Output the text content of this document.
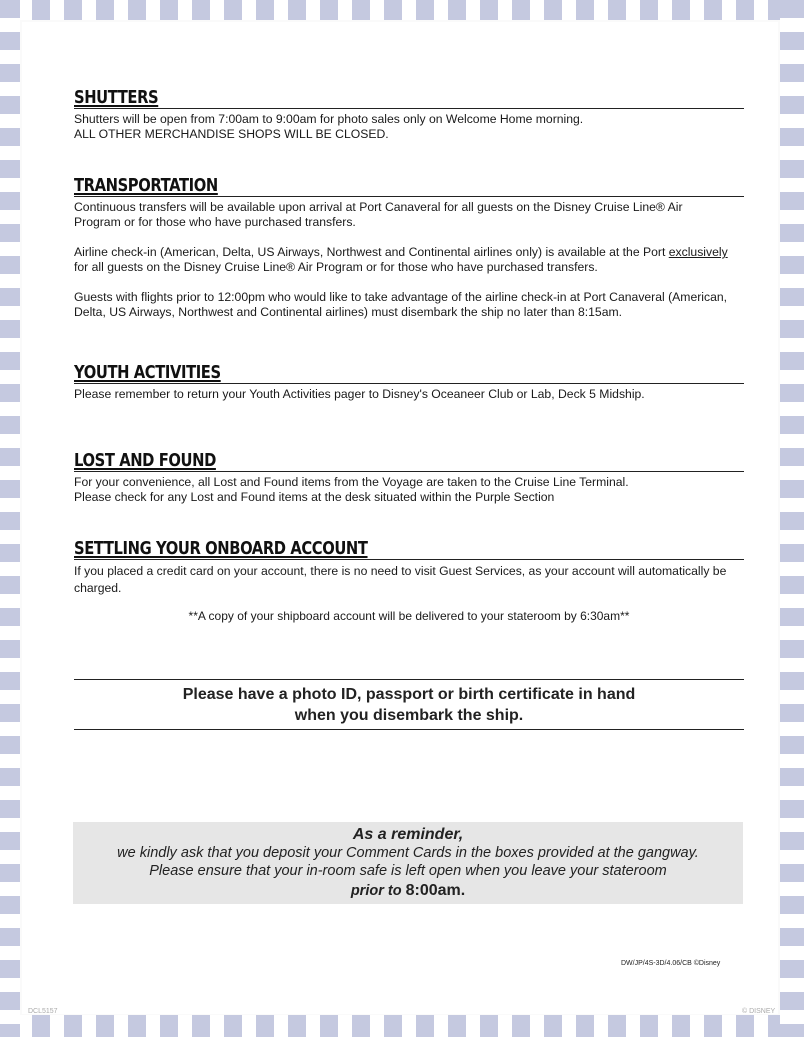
SHUTTERS

Shutters will be open from 7:00am to 9:00am for photo sales only on Welcome Home morning.
ALL OTHER MERCHANDISE SHOPS WILL BE CLOSED.

TRANSPORTATION

Continuous transfers will be available upon arrival at Port Canaveral for all guests on the Disney Cruise Line® Air Program or for those who have purchased transfers.

Airline check-in (American, Delta, US Airways, Northwest and Continental airlines only) is available at the Port exclusively for all guests on the Disney Cruise Line® Air Program or for those who have purchased transfers.

Guests with flights prior to 12:00pm who would like to take advantage of the airline check-in at Port Canaveral (American, Delta, US Airways, Northwest and Continental airlines) must disembark the ship no later than 8:15am.

YOUTH ACTIVITIES

Please remember to return your Youth Activities pager to Disney's Oceaneer Club or Lab, Deck 5 Midship.

LOST AND FOUND

For your convenience, all Lost and Found items from the Voyage are taken to the Cruise Line Terminal.
Please check for any Lost and Found items at the desk situated within the Purple Section

SETTLING YOUR ONBOARD ACCOUNT

If you placed a credit card on your account, there is no need to visit Guest Services, as your account will automatically be charged.

**A copy of your shipboard account will be delivered to your stateroom by 6:30am**
Please have a photo ID, passport or birth certificate in hand
when you disembark the ship.
As a reminder,
we kindly ask that you deposit your Comment Cards in the boxes provided at the gangway.
Please ensure that your in-room safe is left open when you leave your stateroom
prior to 8:00am.
DW/JP/4S-3D/4.06/CB ©Disney
DCL5157	© DISNEY
